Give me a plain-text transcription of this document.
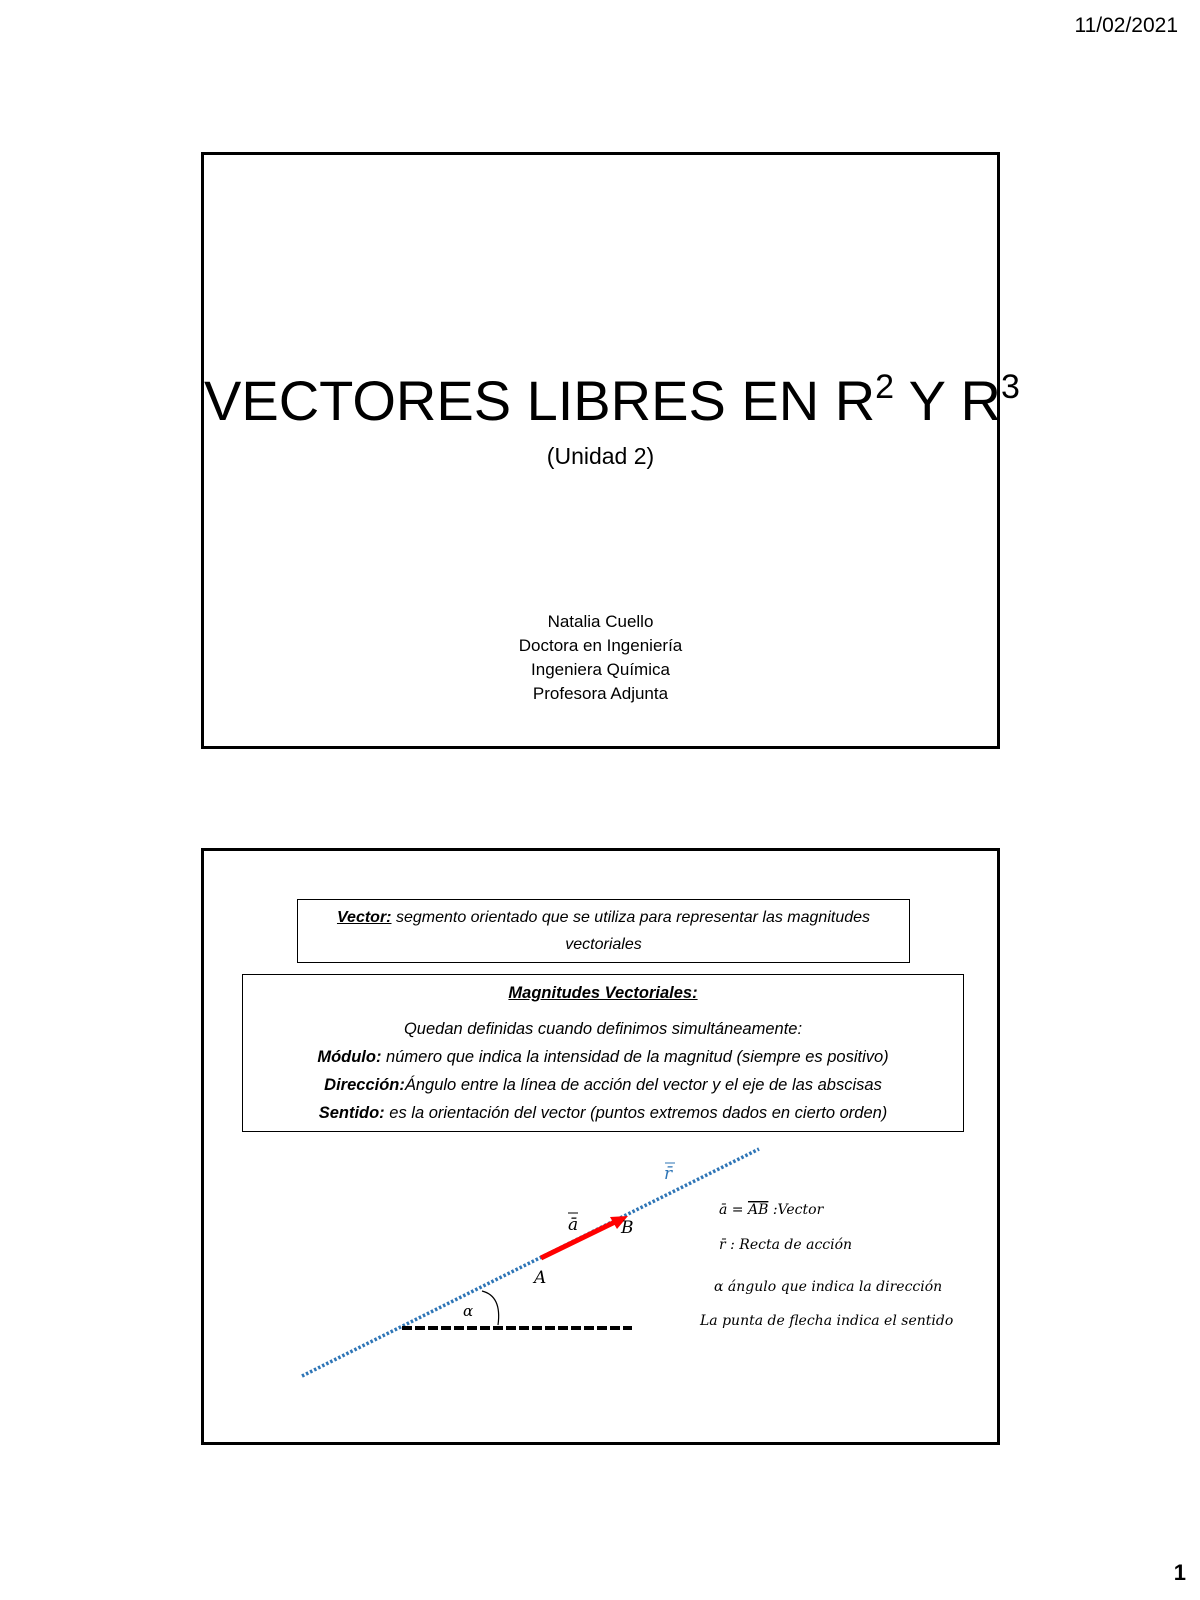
11/02/2021
VECTORES LIBRES EN $R^2$ Y $R^3$
(Unidad 2)
Natalia Cuello
Doctora en Ingeniería
Ingeniera Química
Profesora Adjunta
Vector: segmento orientado que se utiliza para representar las magnitudes vectoriales
Magnitudes Vectoriales:
Quedan definidas cuando definimos simultáneamente:
Módulo: número que indica la intensidad de la magnitud (siempre es positivo)
Dirección:Ángulo entre la línea de acción del vector y el eje de las abscisas
Sentido: es la orientación del vector (puntos extremos dados en cierto orden)
r̄
ā	B
A
α
ā = AB :Vector
r̄ : Recta de acción
α ángulo que indica la dirección
La punta de flecha indica el sentido
1
